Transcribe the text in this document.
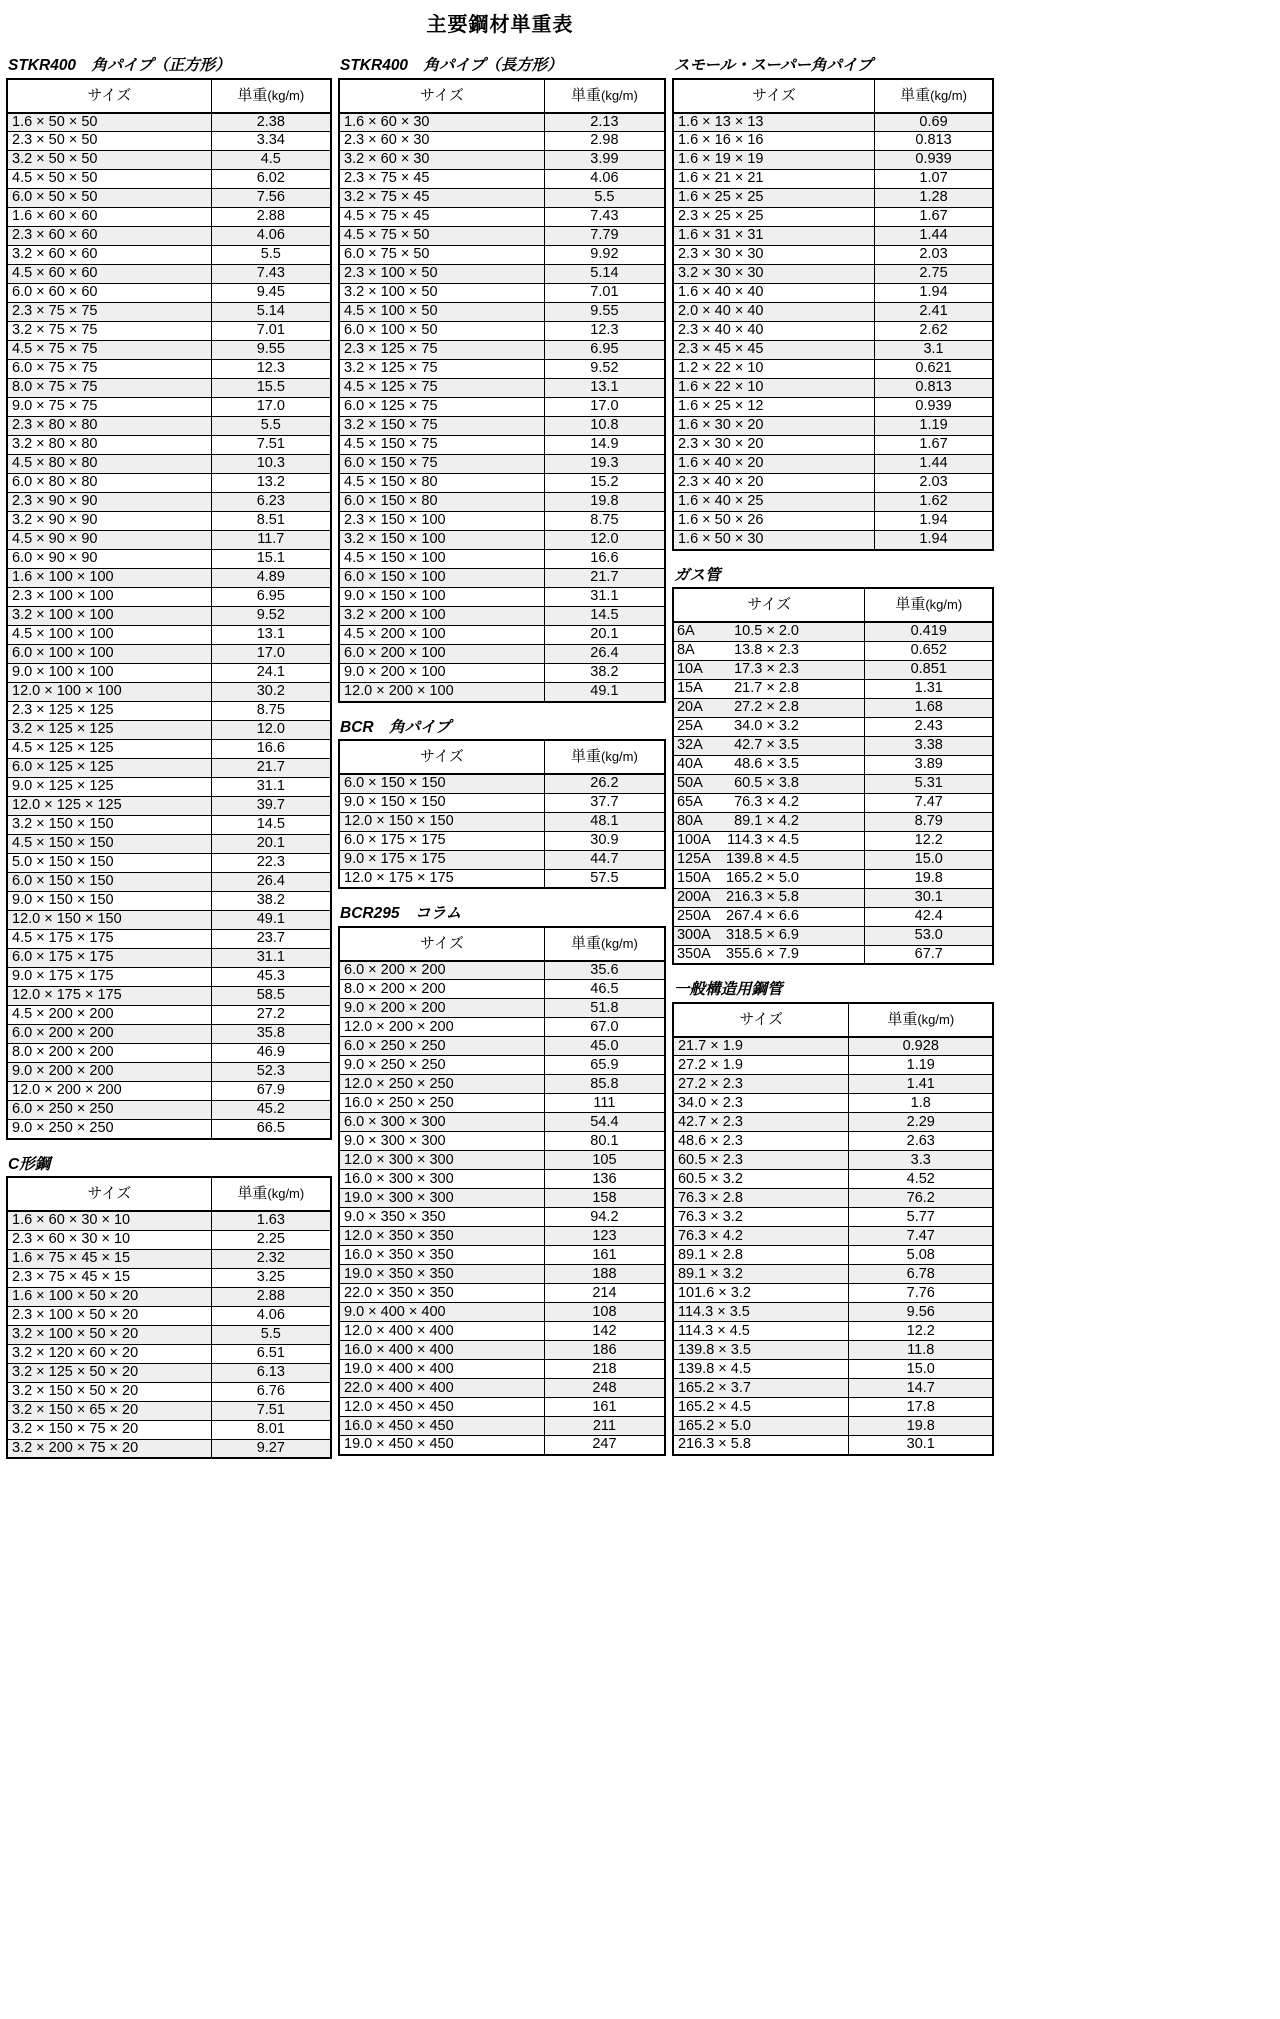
主要鋼材単重表
STKR400　角パイプ（正方形）
サイズ	単重(kg/m)
1.6 × 50 × 50	2.38
2.3 × 50 × 50	3.34
3.2 × 50 × 50	4.5
4.5 × 50 × 50	6.02
6.0 × 50 × 50	7.56
1.6 × 60 × 60	2.88
2.3 × 60 × 60	4.06
3.2 × 60 × 60	5.5
4.5 × 60 × 60	7.43
6.0 × 60 × 60	9.45
2.3 × 75 × 75	5.14
3.2 × 75 × 75	7.01
4.5 × 75 × 75	9.55
6.0 × 75 × 75	12.3
8.0 × 75 × 75	15.5
9.0 × 75 × 75	17.0
2.3 × 80 × 80	5.5
3.2 × 80 × 80	7.51
4.5 × 80 × 80	10.3
6.0 × 80 × 80	13.2
2.3 × 90 × 90	6.23
3.2 × 90 × 90	8.51
4.5 × 90 × 90	11.7
6.0 × 90 × 90	15.1
1.6 × 100 × 100	4.89
2.3 × 100 × 100	6.95
3.2 × 100 × 100	9.52
4.5 × 100 × 100	13.1
6.0 × 100 × 100	17.0
9.0 × 100 × 100	24.1
12.0 × 100 × 100	30.2
2.3 × 125 × 125	8.75
3.2 × 125 × 125	12.0
4.5 × 125 × 125	16.6
6.0 × 125 × 125	21.7
9.0 × 125 × 125	31.1
12.0 × 125 × 125	39.7
3.2 × 150 × 150	14.5
4.5 × 150 × 150	20.1
5.0 × 150 × 150	22.3
6.0 × 150 × 150	26.4
9.0 × 150 × 150	38.2
12.0 × 150 × 150	49.1
4.5 × 175 × 175	23.7
6.0 × 175 × 175	31.1
9.0 × 175 × 175	45.3
12.0 × 175 × 175	58.5
4.5 × 200 × 200	27.2
6.0 × 200 × 200	35.8
8.0 × 200 × 200	46.9
9.0 × 200 × 200	52.3
12.0 × 200 × 200	67.9
6.0 × 250 × 250	45.2
9.0 × 250 × 250	66.5
C形鋼
サイズ	単重(kg/m)
1.6 × 60 × 30 × 10	1.63
2.3 × 60 × 30 × 10	2.25
1.6 × 75 × 45 × 15	2.32
2.3 × 75 × 45 × 15	3.25
1.6 × 100 × 50 × 20	2.88
2.3 × 100 × 50 × 20	4.06
3.2 × 100 × 50 × 20	5.5
3.2 × 120 × 60 × 20	6.51
3.2 × 125 × 50 × 20	6.13
3.2 × 150 × 50 × 20	6.76
3.2 × 150 × 65 × 20	7.51
3.2 × 150 × 75 × 20	8.01
3.2 × 200 × 75 × 20	9.27
STKR400　角パイプ（長方形）
サイズ	単重(kg/m)
1.6 × 60 × 30	2.13
2.3 × 60 × 30	2.98
3.2 × 60 × 30	3.99
2.3 × 75 × 45	4.06
3.2 × 75 × 45	5.5
4.5 × 75 × 45	7.43
4.5 × 75 × 50	7.79
6.0 × 75 × 50	9.92
2.3 × 100 × 50	5.14
3.2 × 100 × 50	7.01
4.5 × 100 × 50	9.55
6.0 × 100 × 50	12.3
2.3 × 125 × 75	6.95
3.2 × 125 × 75	9.52
4.5 × 125 × 75	13.1
6.0 × 125 × 75	17.0
3.2 × 150 × 75	10.8
4.5 × 150 × 75	14.9
6.0 × 150 × 75	19.3
4.5 × 150 × 80	15.2
6.0 × 150 × 80	19.8
2.3 × 150 × 100	8.75
3.2 × 150 × 100	12.0
4.5 × 150 × 100	16.6
6.0 × 150 × 100	21.7
9.0 × 150 × 100	31.1
3.2 × 200 × 100	14.5
4.5 × 200 × 100	20.1
6.0 × 200 × 100	26.4
9.0 × 200 × 100	38.2
12.0 × 200 × 100	49.1
BCR　角パイプ
サイズ	単重(kg/m)
6.0 × 150 × 150	26.2
9.0 × 150 × 150	37.7
12.0 × 150 × 150	48.1
6.0 × 175 × 175	30.9
9.0 × 175 × 175	44.7
12.0 × 175 × 175	57.5
BCR295　コラム
サイズ	単重(kg/m)
6.0 × 200 × 200	35.6
8.0 × 200 × 200	46.5
9.0 × 200 × 200	51.8
12.0 × 200 × 200	67.0
6.0 × 250 × 250	45.0
9.0 × 250 × 250	65.9
12.0 × 250 × 250	85.8
16.0 × 250 × 250	111
6.0 × 300 × 300	54.4
9.0 × 300 × 300	80.1
12.0 × 300 × 300	105
16.0 × 300 × 300	136
19.0 × 300 × 300	158
9.0 × 350 × 350	94.2
12.0 × 350 × 350	123
16.0 × 350 × 350	161
19.0 × 350 × 350	188
22.0 × 350 × 350	214
9.0 × 400 × 400	108
12.0 × 400 × 400	142
16.0 × 400 × 400	186
19.0 × 400 × 400	218
22.0 × 400 × 400	248
12.0 × 450 × 450	161
16.0 × 450 × 450	211
19.0 × 450 × 450	247
スモール・スーパー角パイプ
サイズ	単重(kg/m)
1.6 × 13 × 13	0.69
1.6 × 16 × 16	0.813
1.6 × 19 × 19	0.939
1.6 × 21 × 21	1.07
1.6 × 25 × 25	1.28
2.3 × 25 × 25	1.67
1.6 × 31 × 31	1.44
2.3 × 30 × 30	2.03
3.2 × 30 × 30	2.75
1.6 × 40 × 40	1.94
2.0 × 40 × 40	2.41
2.3 × 40 × 40	2.62
2.3 × 45 × 45	3.1
1.2 × 22 × 10	0.621
1.6 × 22 × 10	0.813
1.6 × 25 × 12	0.939
1.6 × 30 × 20	1.19
2.3 × 30 × 20	1.67
1.6 × 40 × 20	1.44
2.3 × 40 × 20	2.03
1.6 × 40 × 25	1.62
1.6 × 50 × 26	1.94
1.6 × 50 × 30	1.94
ガス管
サイズ	単重(kg/m)
6A 10.5 × 2.0	0.419
8A 13.8 × 2.3	0.652
10A 17.3 × 2.3	0.851
15A 21.7 × 2.8	1.31
20A 27.2 × 2.8	1.68
25A 34.0 × 3.2	2.43
32A 42.7 × 3.5	3.38
40A 48.6 × 3.5	3.89
50A 60.5 × 3.8	5.31
65A 76.3 × 4.2	7.47
80A 89.1 × 4.2	8.79
100A 114.3 × 4.5	12.2
125A 139.8 × 4.5	15.0
150A 165.2 × 5.0	19.8
200A 216.3 × 5.8	30.1
250A 267.4 × 6.6	42.4
300A 318.5 × 6.9	53.0
350A 355.6 × 7.9	67.7
一般構造用鋼管
サイズ	単重(kg/m)
21.7 × 1.9	0.928
27.2 × 1.9	1.19
27.2 × 2.3	1.41
34.0 × 2.3	1.8
42.7 × 2.3	2.29
48.6 × 2.3	2.63
60.5 × 2.3	3.3
60.5 × 3.2	4.52
76.3 × 2.8	76.2
76.3 × 3.2	5.77
76.3 × 4.2	7.47
89.1 × 2.8	5.08
89.1 × 3.2	6.78
101.6 × 3.2	7.76
114.3 × 3.5	9.56
114.3 × 4.5	12.2
139.8 × 3.5	11.8
139.8 × 4.5	15.0
165.2 × 3.7	14.7
165.2 × 4.5	17.8
165.2 × 5.0	19.8
216.3 × 5.8	30.1
